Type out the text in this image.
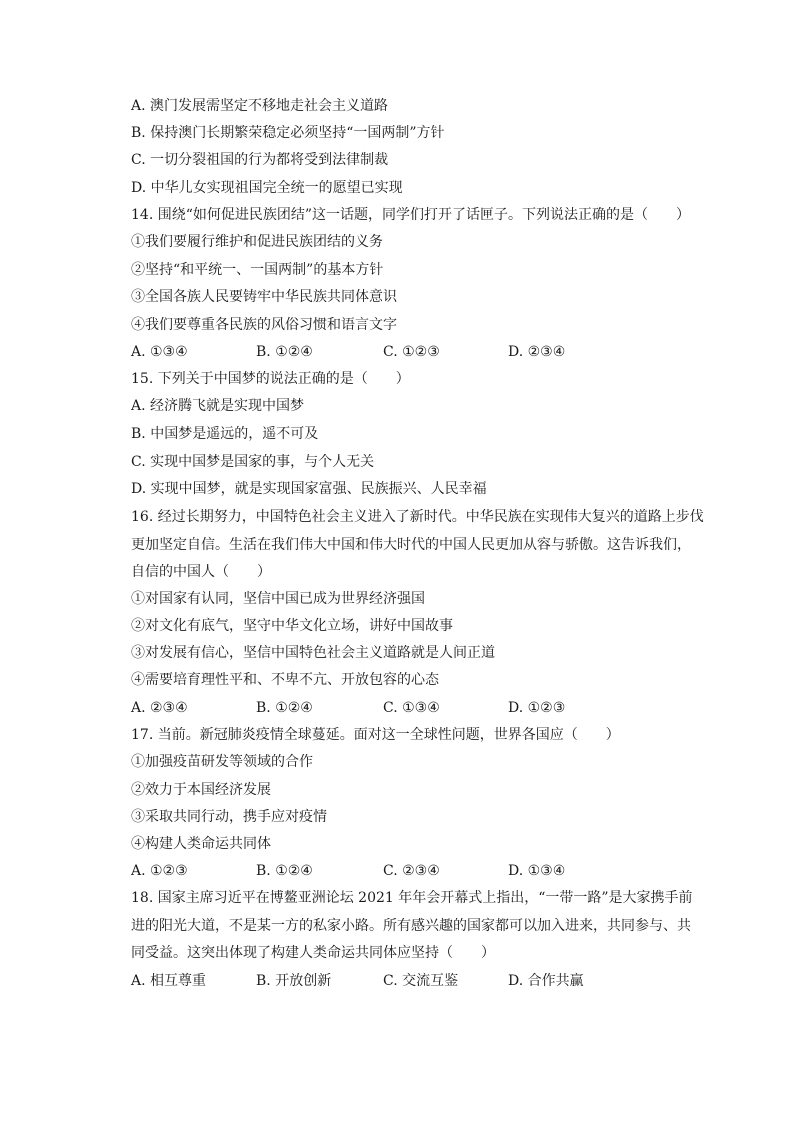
A. 澳门发展需坚定不移地走社会主义道路
B. 保持澳门长期繁荣稳定必须坚持“一国两制”方针
C. 一切分裂祖国的行为都将受到法律制裁
D. 中华儿女实现祖国完全统一的愿望已实现
14. 围绕“如何促进民族团结”这一话题，同学们打开了话匣子。下列说法正确的是（　　）
①我们要履行维护和促进民族团结的义务
②坚持“和平统一、一国两制”的基本方针
③全国各族人民要铸牢中华民族共同体意识
④我们要尊重各民族的风俗习惯和语言文字
A. ①③④	B. ①②④	C. ①②③	D. ②③④
15. 下列关于中国梦的说法正确的是（　　）
A. 经济腾飞就是实现中国梦
B. 中国梦是遥远的，遥不可及
C. 实现中国梦是国家的事，与个人无关
D. 实现中国梦，就是实现国家富强、民族振兴、人民幸福
16. 经过长期努力，中国特色社会主义进入了新时代。中华民族在实现伟大复兴的道路上步伐
更加坚定自信。生活在我们伟大中国和伟大时代的中国人民更加从容与骄傲。这告诉我们，
自信的中国人（　　）
①对国家有认同，坚信中国已成为世界经济强国
②对文化有底气，坚守中华文化立场，讲好中国故事
③对发展有信心，坚信中国特色社会主义道路就是人间正道
④需要培育理性平和、不卑不亢、开放包容的心态
A. ②③④	B. ①②④	C. ①③④	D. ①②③
17. 当前。新冠肺炎疫情全球蔓延。面对这一全球性问题，世界各国应（　　）
①加强疫苗研发等领域的合作
②效力于本国经济发展
③采取共同行动，携手应对疫情
④构建人类命运共同体
A. ①②③	B. ①②④	C. ②③④	D. ①③④
18. 国家主席习近平在博鳌亚洲论坛 2021 年年会开幕式上指出，“一带一路”是大家携手前
进的阳光大道，不是某一方的私家小路。所有感兴趣的国家都可以加入进来，共同参与、共
同受益。这突出体现了构建人类命运共同体应坚持（　　）
A. 相互尊重	B. 开放创新	C. 交流互鉴	D. 合作共赢
